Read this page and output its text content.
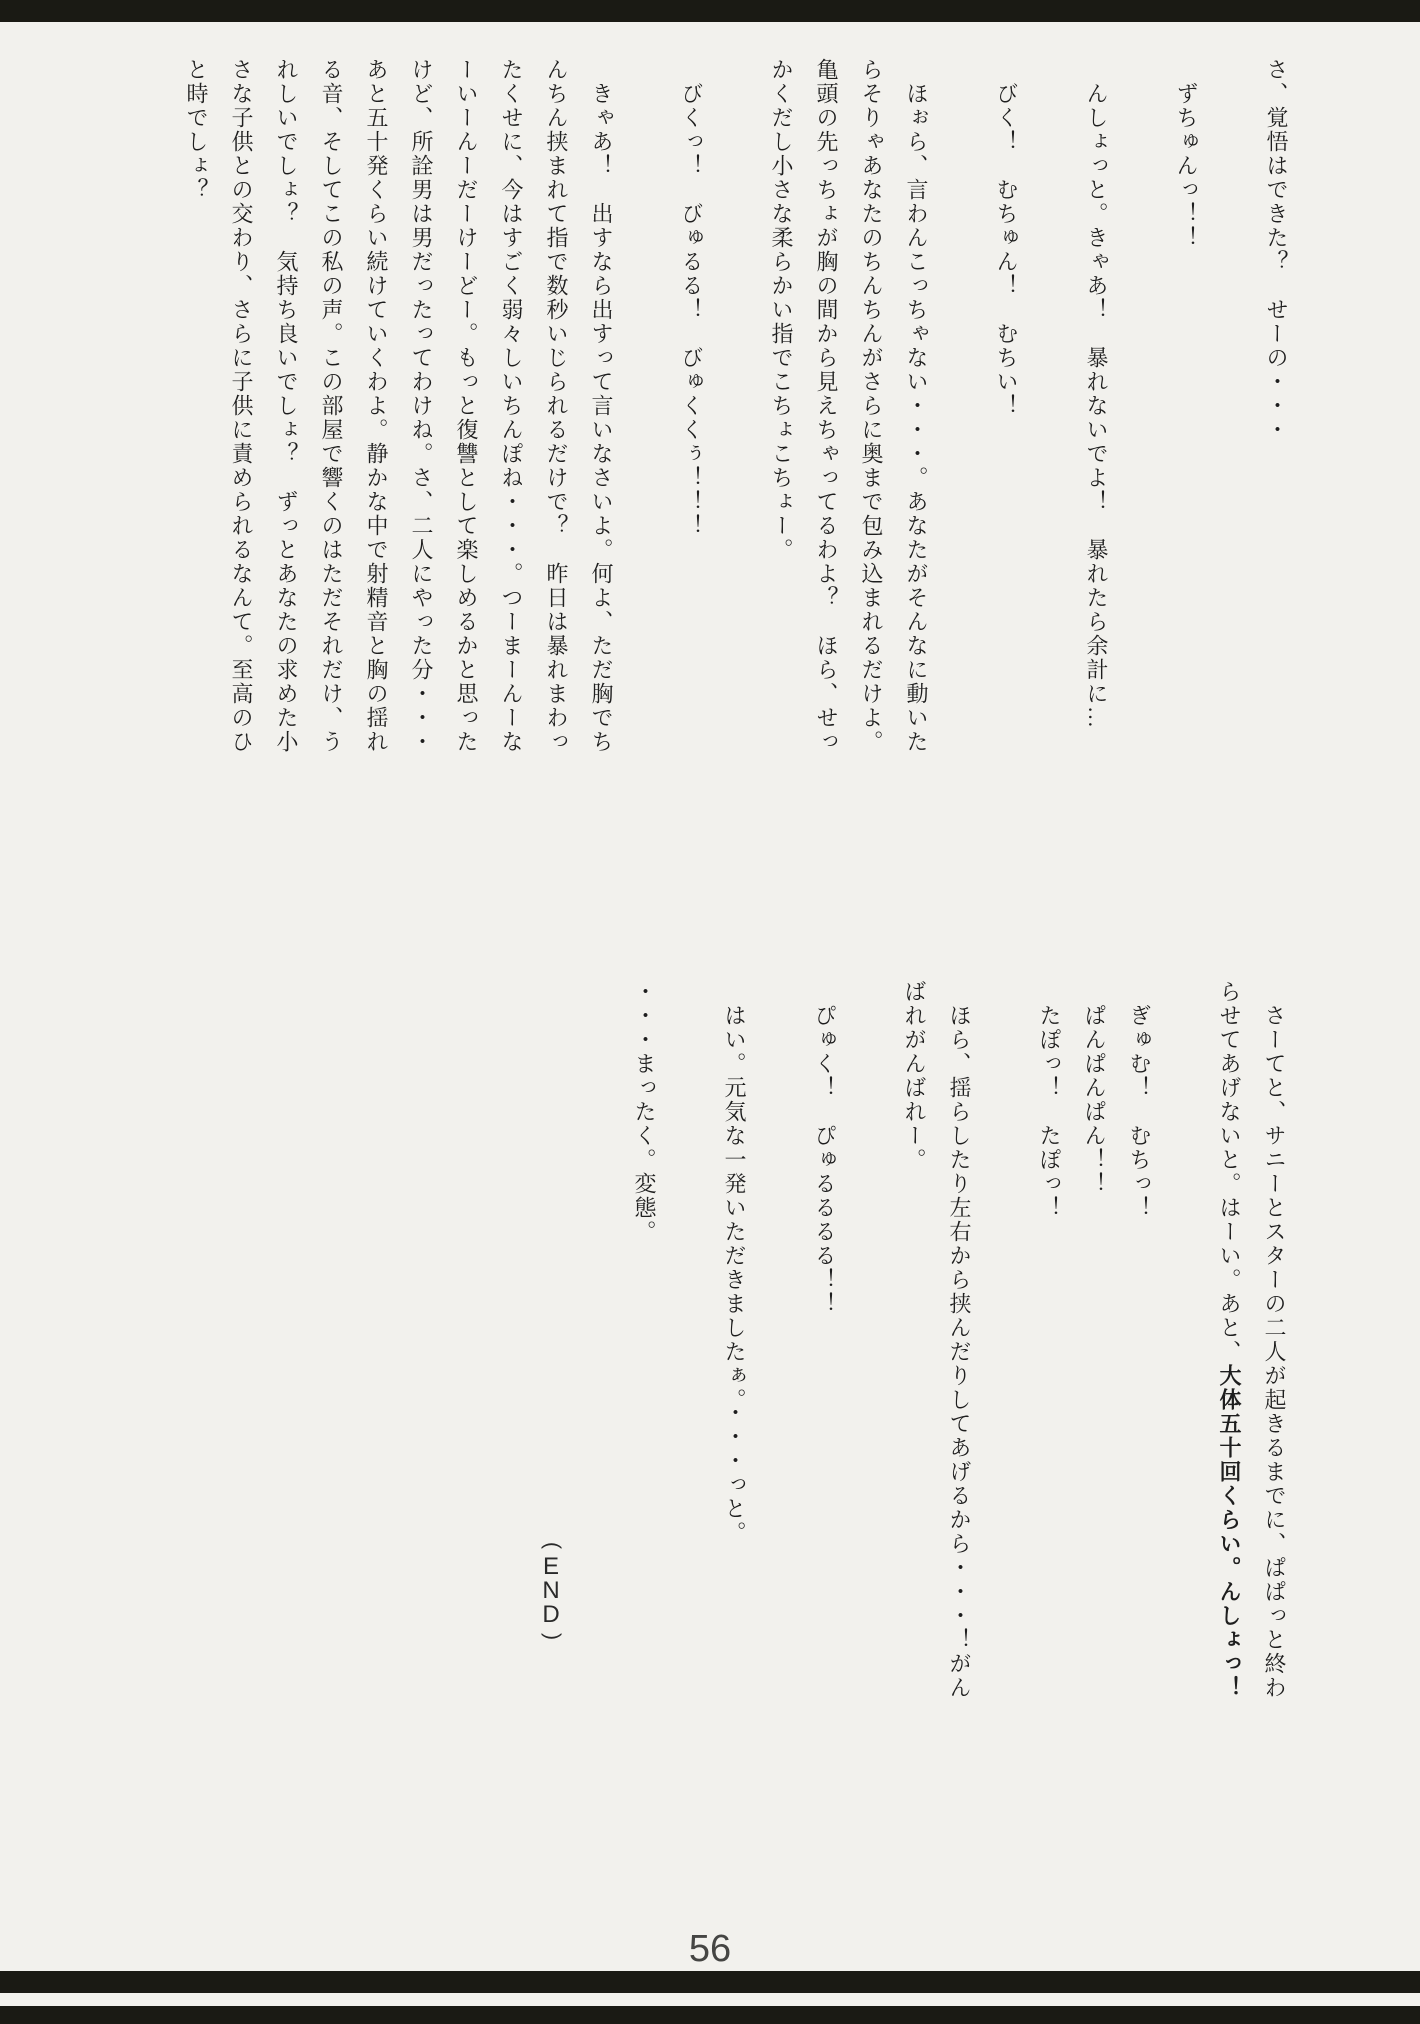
さ、覚悟はできた？　せーの・・・

ずちゅんっ！！

んしょっと。きゃあ！　暴れないでよ！　暴れたら余計に…

びく！　むちゅん！　むちい！

ほぉら、言わんこっちゃない・・・。あなたがそんなに動いたらそりゃあなたのちんちんがさらに奥まで包み込まれるだけよ。亀頭の先っちょが胸の間から見えちゃってるわよ？　ほら、せっかくだし小さな柔らかい指でこちょこちょー。

びくっ！　びゅるる！　びゅくくぅ！！！

きゃあ！　出すなら出すって言いなさいよ。何よ、ただ胸でちんちん挟まれて指で数秒いじられるだけで？　昨日は暴れまわったくせに、今はすごく弱々しいちんぽね・・・。つーまーんーなーいーんーだーけーどー。もっと復讐として楽しめるかと思ったけど、所詮男は男だったってわけね。さ、二人にやった分・・・あと五十発くらい続けていくわよ。静かな中で射精音と胸の揺れる音、そしてこの私の声。この部屋で響くのはただそれだけ、うれしいでしょ？　気持ち良いでしょ？　ずっとあなたの求めた小さな子供との交わり、さらに子供に責められるなんて。至高のひと時でしょ？

さーてと、サニーとスターの二人が起きるまでに、ぱぱっと終わらせてあげないと。はーい。あと、大体五十回くらい。んしょっ！

ぎゅむ！　むちっ！

ぱんぱんぱん！！

たぽっ！　たぽっ！

ほら、揺らしたり左右から挟んだりしてあげるから・・・！がんばれがんばれー。

ぴゅく！　ぴゅるるるる！！

はい。元気な一発いただきましたぁ。・・・っと。

・・・まったく。変態。

(
E
N
D
)
56
